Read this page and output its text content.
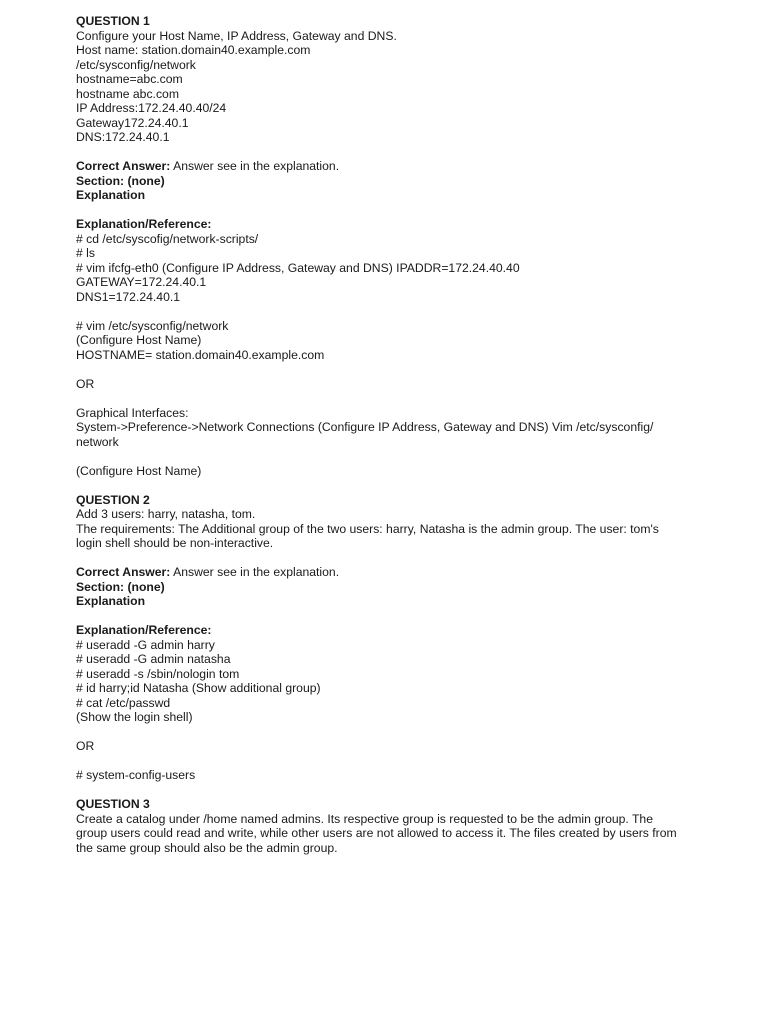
QUESTION 1
Configure your Host Name, IP Address, Gateway and DNS.
Host name: station.domain40.example.com
/etc/sysconfig/network
hostname=abc.com
hostname abc.com
IP Address:172.24.40.40/24
Gateway172.24.40.1
DNS:172.24.40.1
Correct Answer: Answer see in the explanation.
Section: (none)
Explanation
Explanation/Reference:
# cd /etc/syscofig/network-scripts/
# ls
# vim ifcfg-eth0 (Configure IP Address, Gateway and DNS) IPADDR=172.24.40.40
GATEWAY=172.24.40.1
DNS1=172.24.40.1
# vim /etc/sysconfig/network
(Configure Host Name)
HOSTNAME= station.domain40.example.com
OR
Graphical Interfaces:
System->Preference->Network Connections (Configure IP Address, Gateway and DNS) Vim /etc/sysconfig/
network
(Configure Host Name)
QUESTION 2
Add 3 users: harry, natasha, tom.
The requirements: The Additional group of the two users: harry, Natasha is the admin group. The user: tom's
login shell should be non-interactive.
Correct Answer: Answer see in the explanation.
Section: (none)
Explanation
Explanation/Reference:
# useradd -G admin harry
# useradd -G admin natasha
# useradd -s /sbin/nologin tom
# id harry;id Natasha (Show additional group)
# cat /etc/passwd
(Show the login shell)
OR
# system-config-users
QUESTION 3
Create a catalog under /home named admins. Its respective group is requested to be the admin group. The
group users could read and write, while other users are not allowed to access it. The files created by users from
the same group should also be the admin group.
